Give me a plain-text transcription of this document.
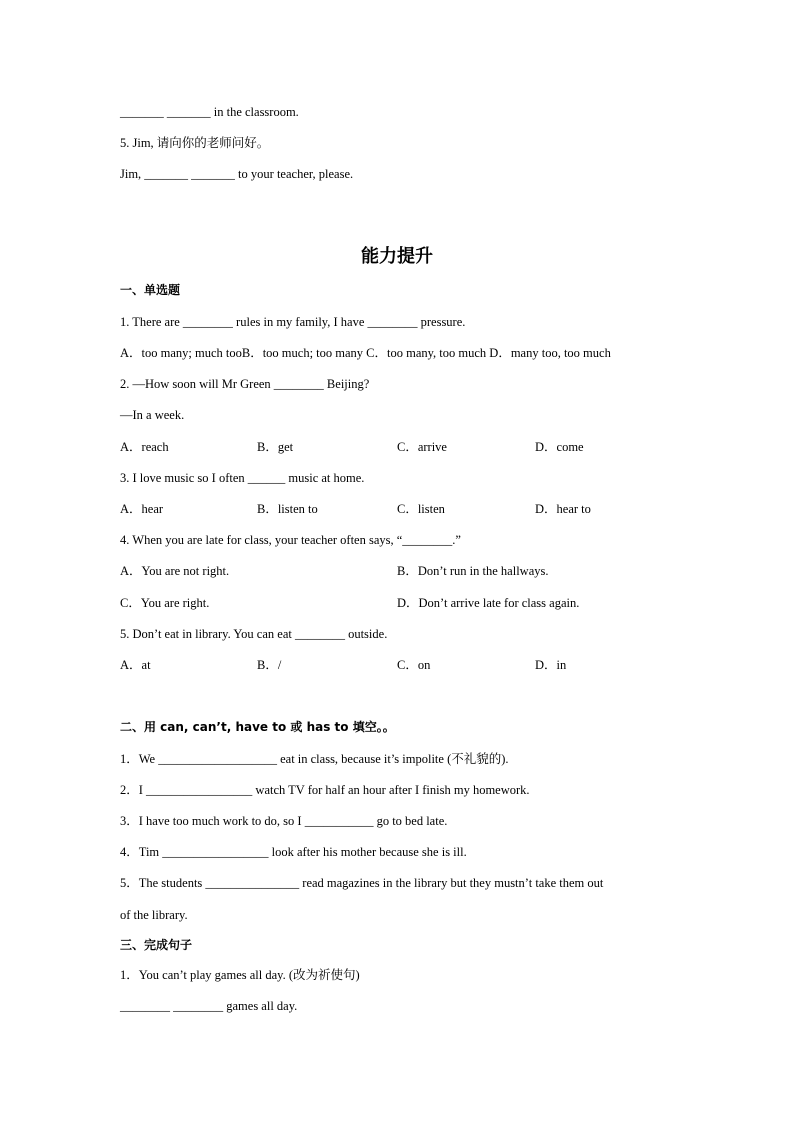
_______ _______ in the classroom.
5. Jim, 请向你的老师问好。
Jim, _______ _______ to your teacher, please.
能力提升
一、单选题
1. There are ________ rules in my family, I have ________ pressure.
A．too many; much tooB．too much; too many C．too many, too much D．many too, too much
2. —How soon will Mr Green ________ Beijing?
—In a week.
A．reach	B．get	C．arrive	D．come
3. I love music so I often ______ music at home.
A．hear	B．listen to	C．listen	D．hear to
4. When you are late for class, your teacher often says, “________.”
A．You are not right.	B．Don’t run in the hallways.
C．You are right.	D．Don’t arrive late for class again.
5. Don’t eat in library. You can eat ________ outside.
A．at	B．/	C．on	D．in
二、用 can, can’t, have to 或 has to 填空。。
1．We ___________________ eat in class, because it’s impolite (不礼貌的).
2．I _________________ watch TV for half an hour after I finish my homework.
3．I have too much work to do, so I ___________ go to bed late.
4．Tim _________________ look after his mother because she is ill.
5．The students _______________ read magazines in the library but they mustn’t take them out
of the library.
三、完成句子
1．You can’t play games all day. (改为祈使句)
________ ________ games all day.
